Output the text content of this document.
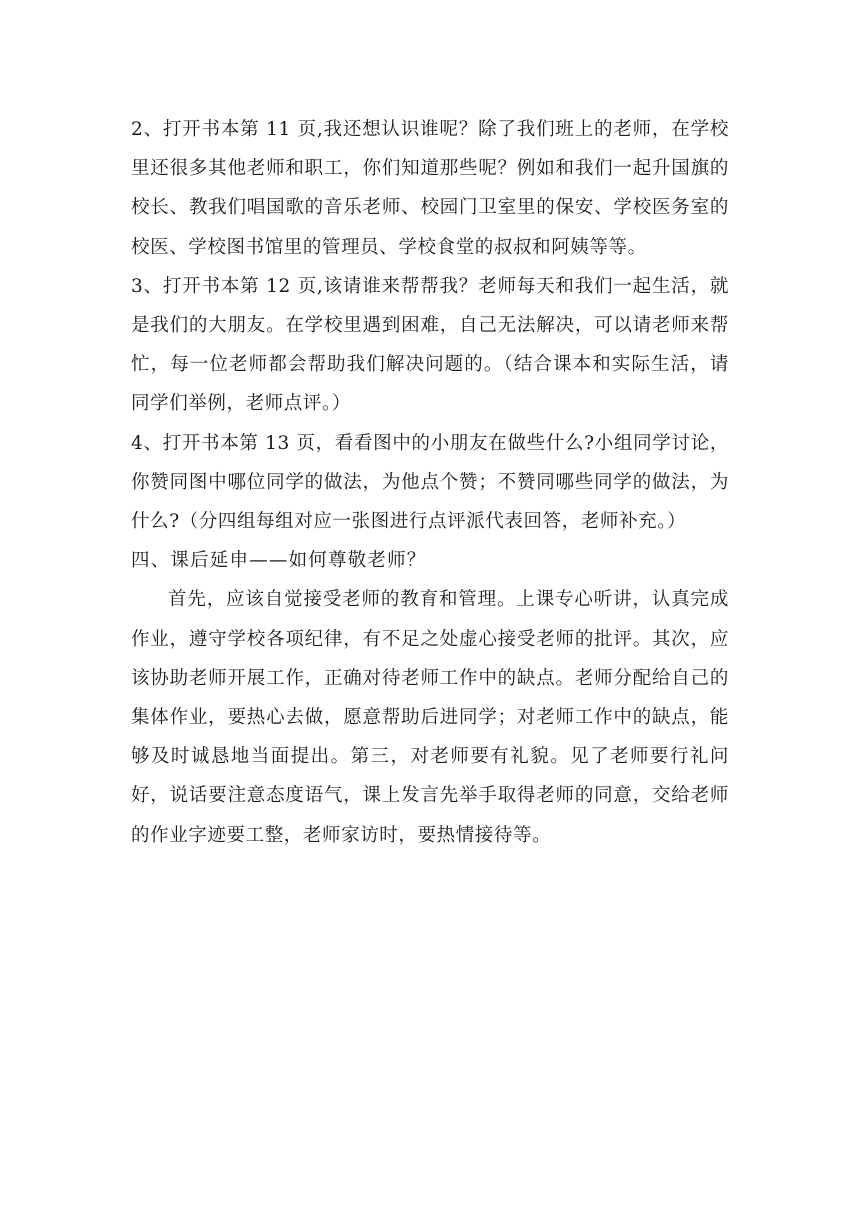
2、打开书本第 11 页,我还想认识谁呢？除了我们班上的老师，在学校里还很多其他老师和职工，你们知道那些呢？例如和我们一起升国旗的校长、教我们唱国歌的音乐老师、校园门卫室里的保安、学校医务室的校医、学校图书馆里的管理员、学校食堂的叔叔和阿姨等等。

3、打开书本第 12 页,该请谁来帮帮我？老师每天和我们一起生活，就是我们的大朋友。在学校里遇到困难，自己无法解决，可以请老师来帮忙，每一位老师都会帮助我们解决问题的。（结合课本和实际生活，请同学们举例，老师点评。）

4、打开书本第 13 页，看看图中的小朋友在做些什么?小组同学讨论，你赞同图中哪位同学的做法，为他点个赞；不赞同哪些同学的做法，为什么?（分四组每组对应一张图进行点评派代表回答，老师补充。）

四、课后延申——如何尊敬老师？

首先，应该自觉接受老师的教育和管理。上课专心听讲，认真完成作业，遵守学校各项纪律，有不足之处虚心接受老师的批评。其次，应该协助老师开展工作，正确对待老师工作中的缺点。老师分配给自己的集体作业，要热心去做，愿意帮助后进同学；对老师工作中的缺点，能够及时诚恳地当面提出。第三，对老师要有礼貌。见了老师要行礼问好，说话要注意态度语气，课上发言先举手取得老师的同意，交给老师的作业字迹要工整，老师家访时，要热情接待等。
